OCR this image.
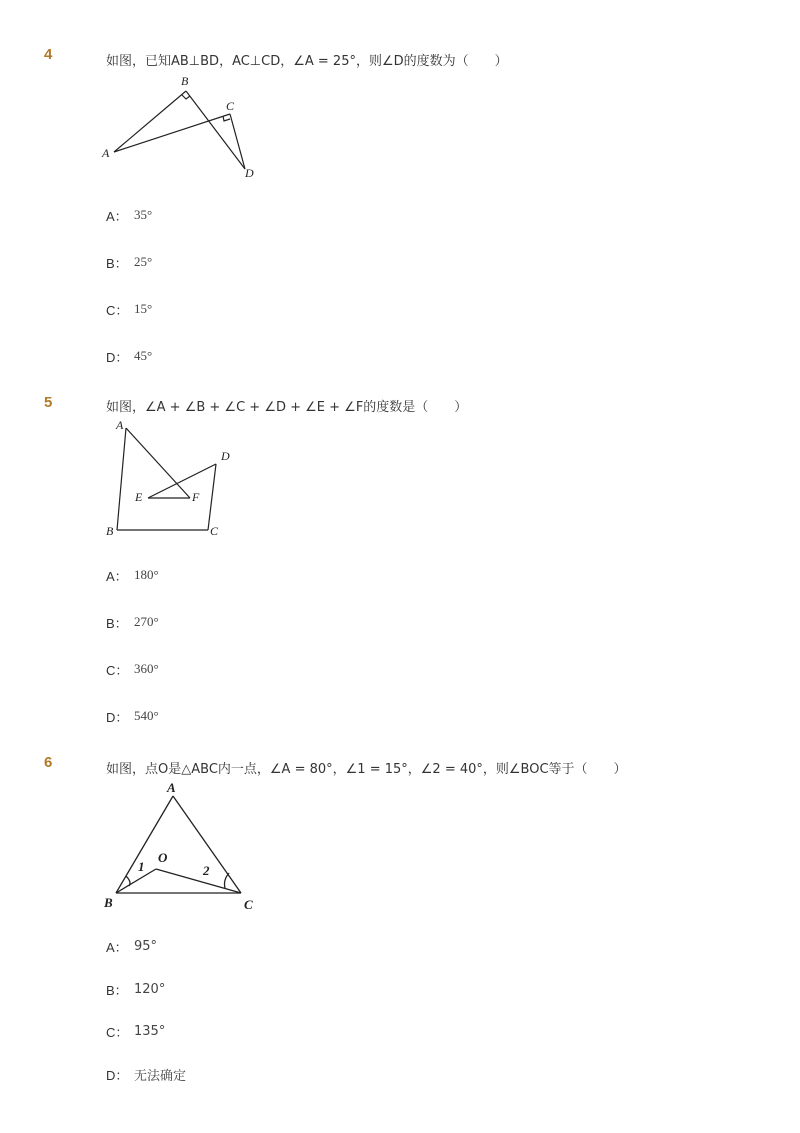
4	如图，已知AB⊥BD，AC⊥CD，∠A = 25°，则∠D的度数为（　　）
A
B
C
D
A： 35°
B： 25°
C： 15°
D： 45°
5	如图，∠A + ∠B + ∠C + ∠D + ∠E + ∠F的度数是（　　）
A
B	C
D
E	F
A： 180°
B： 270°
C： 360°
D： 540°
6	如图，点O是△ABC内一点，∠A = 80°，∠1 = 15°，∠2 = 40°，则∠BOC等于（　　）
A
B	C
O
1	2
A： 95°
B： 120°
C： 135°
D： 无法确定
